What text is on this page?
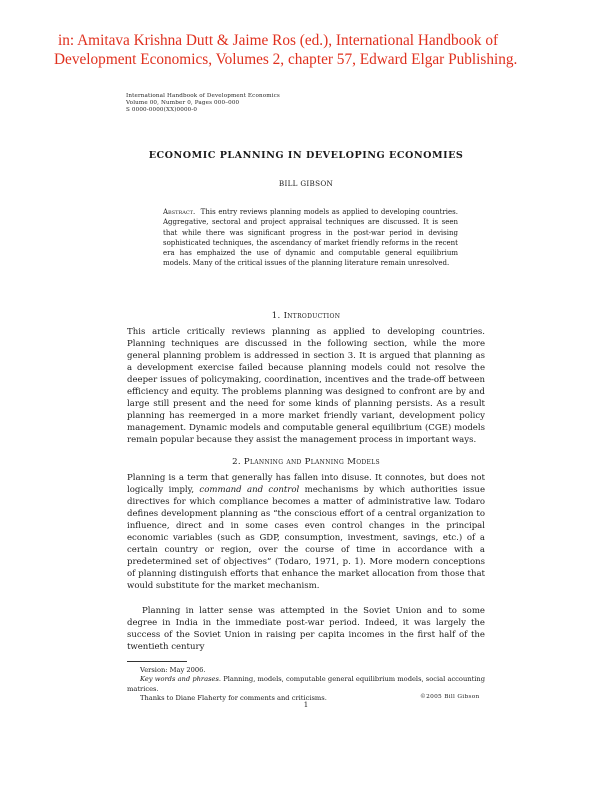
in: Amitava Krishna Dutt & Jaime Ros (ed.), International Handbook of
Development Economics, Volumes 2, chapter 57, Edward Elgar Publishing.
International Handbook of Development Economics
Volume 00, Number 0, Pages 000–000
S 0000-0000(XX)0000-0
ECONOMIC PLANNING IN DEVELOPING ECONOMIES
BILL GIBSON
Abstract. This entry reviews planning models as applied to developing countries. Aggregative, sectoral and project appraisal techniques are discussed. It is seen that while there was significant progress in the post-war period in devising sophisticated techniques, the ascendancy of market friendly reforms in the recent era has emphaized the use of dynamic and computable general equilibrium models. Many of the critical issues of the planning literature remain unresolved.
1. Introduction
This article critically reviews planning as applied to developing countries. Planning techniques are discussed in the following section, while the more general planning problem is addressed in section 3. It is argued that planning as a development exercise failed because planning models could not resolve the deeper issues of policymaking, coordination, incentives and the trade-off between efficiency and equity. The problems planning was designed to confront are by and large still present and the need for some kinds of planning persists. As a result planning has reemerged in a more market friendly variant, development policy management. Dynamic models and computable general equilibrium (CGE) models remain popular because they assist the management process in important ways.
2. Planning and Planning Models
Planning is a term that generally has fallen into disuse. It connotes, but does not logically imply, command and control mechanisms by which authorities issue directives for which compliance becomes a matter of administrative law. Todaro defines development planning as “the conscious effort of a central organization to influence, direct and in some cases even control changes in the principal economic variables (such as GDP, consumption, investment, savings, etc.) of a certain country or region, over the course of time in accordance with a predetermined set of objectives” (Todaro, 1971, p. 1). More modern conceptions of planning distinguish efforts that enhance the market allocation from those that would substitute for the market mechanism.
Planning in latter sense was attempted in the Soviet Union and to some degree in India in the immediate post-war period. Indeed, it was largely the success of the Soviet Union in raising per capita incomes in the first half of the twentieth century
Version: May 2006.
Key words and phrases. Planning, models, computable general equilibrium models, social accounting matrices.
Thanks to Diane Flaherty for comments and criticisms.	©2005 Bill Gibson
1
